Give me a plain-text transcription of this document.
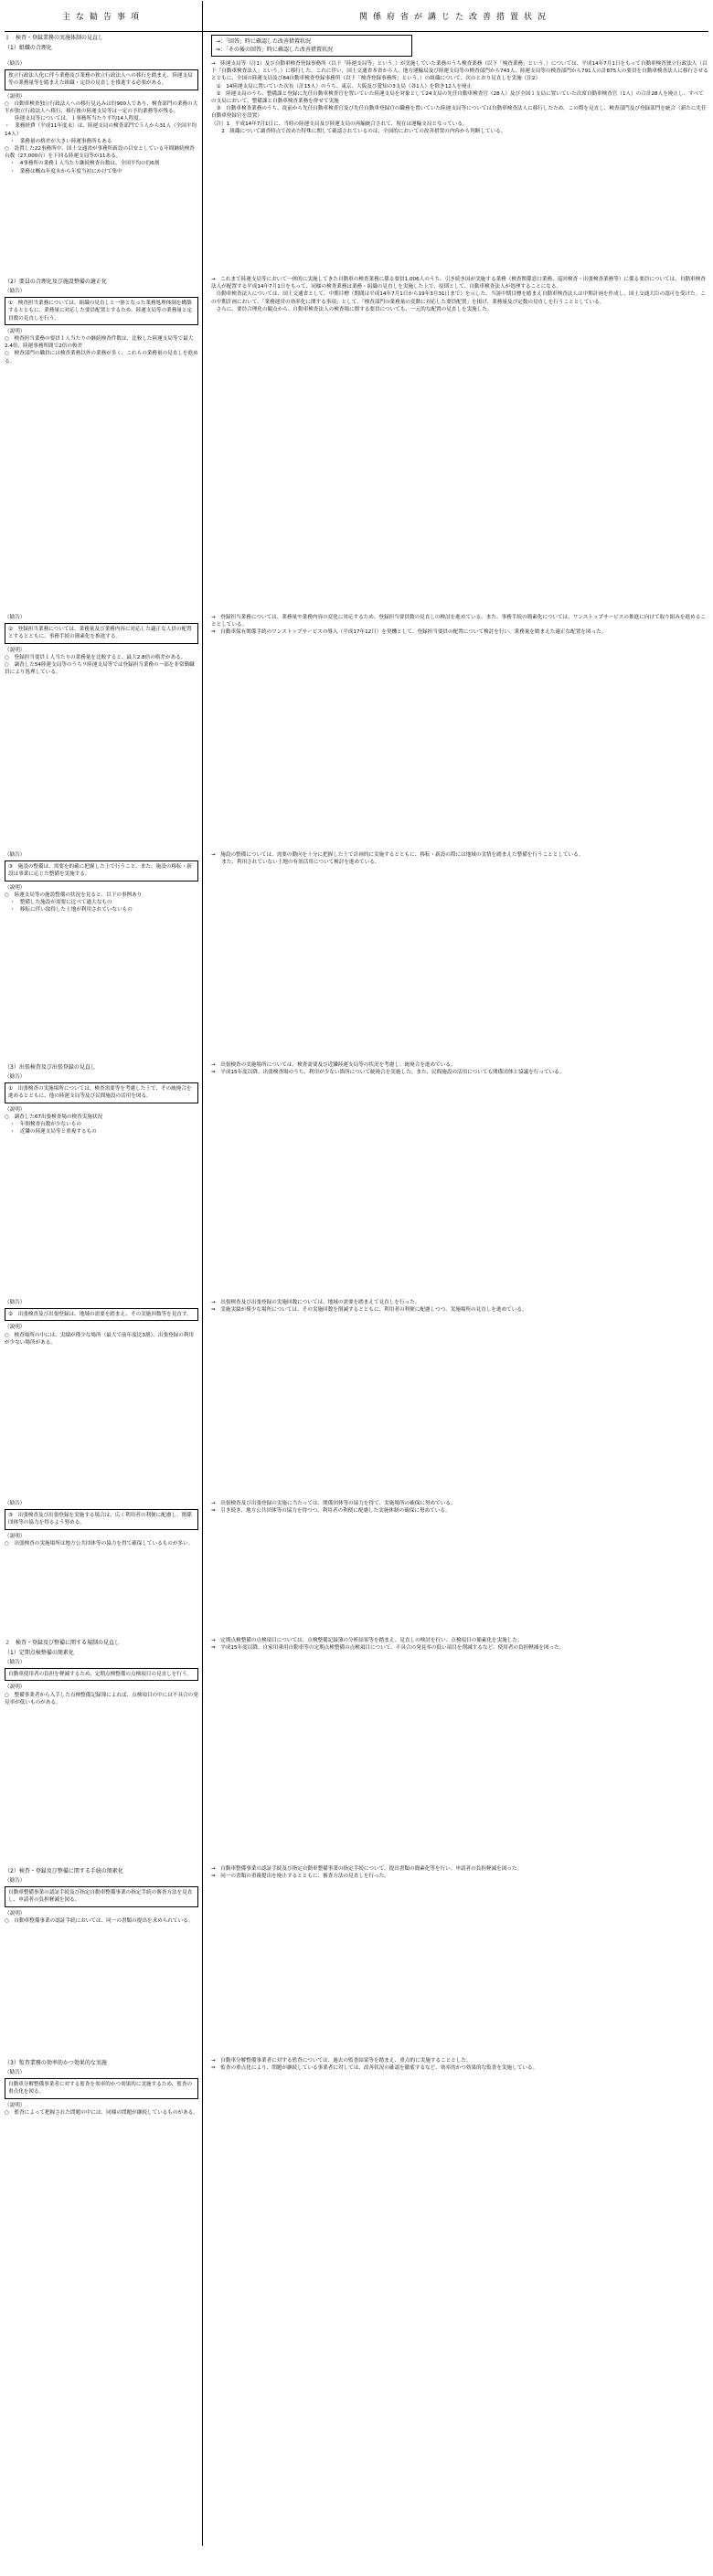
主な勧告事項	関係府省が講じた改善措置状況

１　検査・登録業務の実施体制の見直し

（1）組織の合理化

→：「回答」時に確認した改善措置状況

⇒：「その後の回答」時に確認した改善措置状況

（勧告）

独立行政法人化に伴う業務及び業務の独立行政法人への移行を踏まえ、陸運支局等の業務量等を踏まえた組織・定員の見直しを推進する必要がある。

（説明）

○　自動車検査独立行政法人への移行見込みは約900人であり、検査部門の業務の大半が独立行政法人へ移行、移行後の陸運支局等は一定の予約業務等が残る。
　　陸運支局等については、１事務所当たり平均14人程度。
・　業務経費（平成11年度末）は、陸運支局の検査部門で５人から31人（全国平均14人）
　・　業務量の格差が大きい陸運事務所もある
○　設置した22事務所中、国土交通省が事務所新設の目安としている年間継続検査台数（27,000台）を下回る陸運支局等が11ある。
　・　4事務所の業務１人当たり継続検査台数は、全国平均の約6割
　・　業務は概ね年度末から年度当初にかけて集中

→　陸運支局等（注1）及び自動車検査登録事務所（以下「陸運支局等」という。）が実施していた業務のうち検査業務（以下「検査業務」という。）については、平成14年7月1日をもって自動車検査独立行政法人（以下「自動車検査法人」という。）に移行した。これに伴い、国土交通省本省から人、地方運輸局及び陸運支局等の検査部門から743人、陸運支局等の検査部門から791人の計875人の要員を自動車検査法人に移行させるとともに、全国の陸運支局及び84自動車検査登録事務所（以下「検査登録事務所」という。）の組織について、次のとおり見直しを実施（注2）
　①　14陸運支局に置いていた次長（計15人）のうち、東京、大阪及び愛知の3支局（各1人）を除き12人を廃止
　②　陸運支局のうち、整備課と登録に先任自動車検査官を置いていた陸運支局を対象として24支局の先任自動車検査官（28人）及び全国１支局に置いていた次席自動車検査官（1人）の合計28人を廃止し、すべての支局において、整備課と自動車検査業務を併せて実施
　③　自動車検査業務のうち、従前から先任自動車検査官及び先任自動車登録官の職務を置いていた陸運支局等については自動車検査法人に移行したため、この際を見直し、検査部門及び登録部門を統合（新たに先任自動車登録官を設置）
（注）1　平成14年7月1日に、当時の陸運支局及び陸運支局の再編統合されて、現在は運輸支局となっている。
　　2　組織について調査時点で改めた特殊に関して確認されているのは、全国的においての改善措置の内容から判断している。

（2）要員の合理化及び施設整備の適正化

（勧告）

①　検査担当業務については、組織の見直しと一体となった業務処理体制を構築するとともに、業務量に対応した要員配置とするため、陸運支局等の業務量と定員数の見直しを行う。

（説明）

○　検査担当業務の要員１人当たりの継続検査件数は、比較した陸運支局等で最大2.4倍、陸運事務所間で2倍の較差
○　検査部門の職員には検査業務以外の業務が多く、これらの業務量の見直しを進める。

→　これまで陸運支局等において一体的に実施してきた自動車の検査業務に係る要員1,006人のうち、引き続き国が実施する業務（検査関係窓口業務、巡回検査・出張検査業務等）に係る要員については、自動車検査法人が配置する平成14年7月1日をもって、同様の検査業務は業務・組織の見直しを実施した上で、原則として、自動車検査法人が処理することになる。
　自動車検査法人については、国土交通省として、中期目標（期間は平成14年7月1日から19年3月31日まで）を示した。当該中期目標を踏まえ自動車検査法人は中期計画を作成し、国土交通大臣の認可を受けた。この中期計画において、「業務運営の効率化に関する事項」として、「検査部門の業務量の変動に対応した要員配置」を掲げ、業務量及び定数の見直しを行うこととしている。
　さらに、要員合理化の観点から、自動車検査法人の検査場に関する要員についても、一元的な配置の見直しを実施した。

（勧告）

②　登録担当業務については、業務量及び業務内容に対応した適正な人員の配置とするとともに、事務手続の簡素化を推進する。

（説明）

○　登録担当要員１人当たりの業務量を比較すると、最大2.8倍の格差がある。
○　調査した54陸運支局等のうち９陸運支局等では登録担当業務の一部を非常勤職員により処理している。

→　登録担当業務については、業務量や業務内容の変化に対応するため、登録担当要員数の見直しの検討を進めている。また、事務手続の簡素化については、ワンストップサービスの推進に向けて取り組みを進めることとしている。
⇒　自動車保有関係手続のワンストップサービスの導入（平成17年12月）を契機として、登録担当要員の配置について検討を行い、業務量を踏まえた適正な配置を図った。

（勧告）

③　施設の整備は、需要を的確に把握した上で行うこと、また、施設の移転・新設は事業に応じた整備を実施する。

（説明）

○　陸運支局等の施設整備の状況を見ると、以下の事例あり
　・　整備した施設が需要に比べて過大なもの
　・　移転に伴い取得した土地が利用されていないもの

→　施設の整備については、需要の動向を十分に把握した上で計画的に実施するとともに、移転・新設の際には地域の実情を踏まえた整備を行うこととしている。
　　また、利用されていない土地の有効活用について検討を進めている。

（3）出張検査及び出張登録の見直し

（勧告）

①　出張検査の実施場所については、検査需要等を考慮した上で、その統廃合を進めるとともに、他の陸運支局等及び民間施設の活用を図る。

（説明）

○　調査した67出張検査場の検査実施状況
　・　年間検査台数が少ないもの
　・　近隣の陸運支局等と重複するもの

→　出張検査の実施場所については、検査需要及び近隣陸運支局等の状況を考慮し、統廃合を進めている。
⇒　平成15年度以降、出張検査場のうち、利用が少ない箇所について統廃合を実施した。また、民間施設の活用についても関係団体と協議を行っている。

（勧告）

②　出張検査及び出張登録は、地域の需要を踏まえ、その実施回数等を見直す。

（説明）

○　検査場所の中には、実績が僅少な場所（最大で前年度比3割）、出張登録の利用が少ない場所がある。

→　出張検査及び出張登録の実施回数については、地域の需要を踏まえて見直しを行った。
⇒　実施実績が僅少な場所については、その実施回数を削減するとともに、利用者の利便に配慮しつつ、実施場所の見直しを進めている。

（勧告）

③　出張検査及び出張登録を実施する場合は、広く利用者の利便に配慮し、関係団体等の協力を得るよう努める。

（説明）

○　出張検査の実施場所は地方公共団体等の協力を得て確保しているものが多い。

→　出張検査及び出張登録の実施に当たっては、関係団体等の協力を得て、実施場所の確保に努めている。
⇒　引き続き、地方公共団体等の協力を得つつ、利用者の利便に配慮した実施体制の確保に努めている。

２　検査・登録及び整備に関する規制の見直し

（1）定期点検整備の簡素化

（勧告）

自動車使用者の負担を軽減するため、定期点検整備の点検項目の見直しを行う。

（説明）

○　整備事業者から入手した点検整備記録簿によれば、点検項目の中には不具合の発見率が低いものがある。

→　定期点検整備の点検項目については、点検整備記録簿の分析結果等を踏まえ、見直しの検討を行い、点検項目の簡素化を実施した。
⇒　平成15年度以降、自家用乗用自動車等の定期点検整備の点検項目について、不具合の発見率の低い項目を削減するなど、使用者の負担軽減を図った。

（2）検査・登録及び整備に関する手続の簡素化

（勧告）

自動車整備事業の認証手続及び指定自動車整備事業の指定手続の審査方法を見直し、申請者の負担軽減を図る。

（説明）

○　自動車整備事業の認証手続においては、同一の書類の提出を求められている。

→　自動車整備事業の認証手続及び指定自動車整備事業の指定手続について、提出書類の簡素化等を行い、申請者の負担軽減を図った。
⇒　同一の書類の重複提出を廃止するとともに、審査方法の見直しを行った。

（3）監査業務の効率的かつ効果的な実施

（勧告）

自動車分解整備事業者に対する監査を効率的かつ効果的に実施するため、監査の重点化を図る。

（説明）

○　監査によって把握された問題の中には、同様の問題が継続しているものがある。

→　自動車分解整備事業者に対する監査については、過去の監査結果等を踏まえ、重点的に実施することとした。
⇒　監査の重点化により、問題が継続している事業者に対しては、改善状況の確認を徹底するなど、効率的かつ効果的な監査を実施している。
